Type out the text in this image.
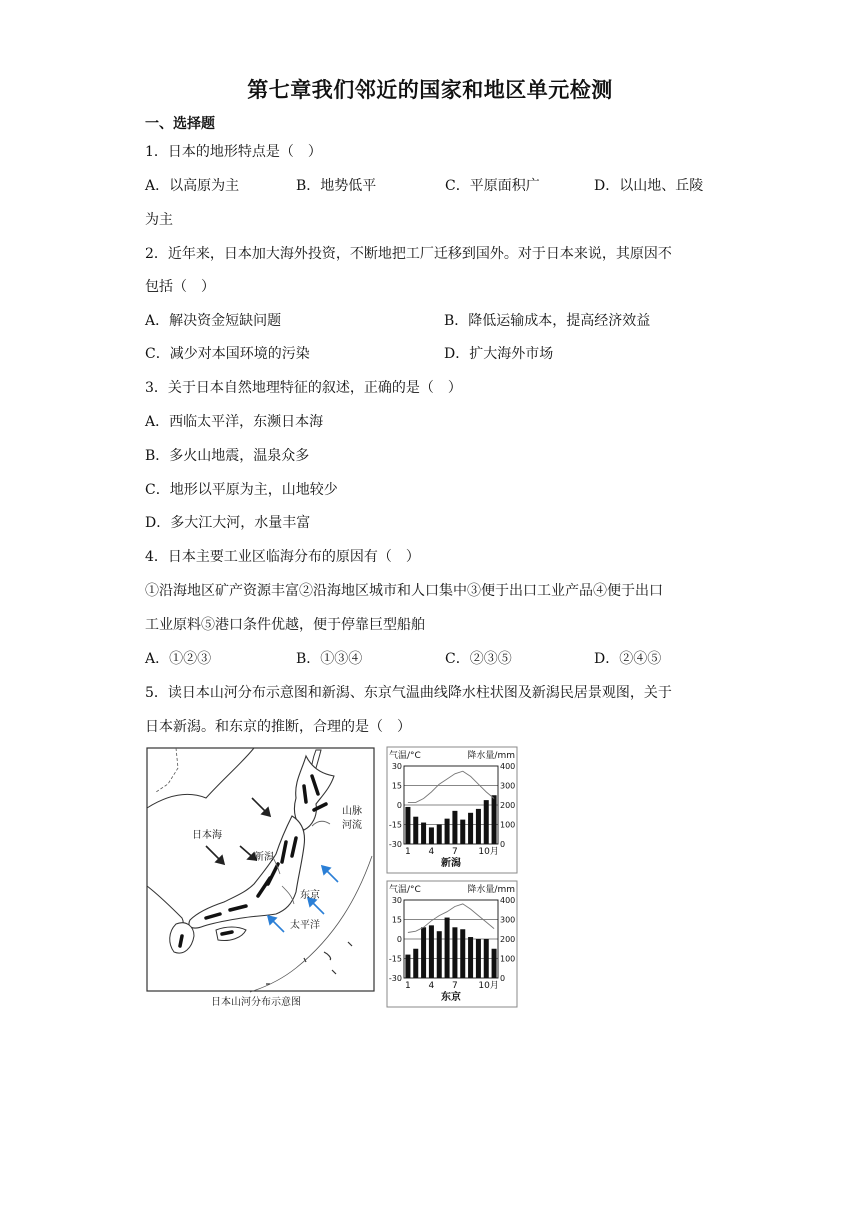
第七章我们邻近的国家和地区单元检测
一、选择题
1．日本的地形特点是（　）
A．以高原为主	B．地势低平	C．平原面积广	D．以山地、丘陵
为主
2．近年来，日本加大海外投资，不断地把工厂迁移到国外。对于日本来说，其原因不
包括（　）
A．解决资金短缺问题	B．降低运输成本，提高经济效益
C．减少对本国环境的污染	D．扩大海外市场
3．关于日本自然地理特征的叙述，正确的是（　）
A．西临太平洋，东濒日本海
B．多火山地震，温泉众多
C．地形以平原为主，山地较少
D．多大江大河，水量丰富
4．日本主要工业区临海分布的原因有（　）
①沿海地区矿产资源丰富②沿海地区城市和人口集中③便于出口工业产品④便于出口
工业原料⑤港口条件优越，便于停靠巨型船舶
A．①②③	B．①③④	C．②③⑤	D．②④⑤
5．读日本山河分布示意图和新潟、东京气温曲线降水柱状图及新潟民居景观图，关于
日本新潟。和东京的推断，合理的是（　）
山脉
河流
日本海
新潟
东京
太平洋
日本山河分布示意图
气温/°C	降水量/mm
30
15
0
-15
-30
400
300
200
100
0
1 4 7 10月
新潟
气温/°C	降水量/mm
30
15
0
-15
-30
400
300
200
100
0
1 4 7 10月
东京
